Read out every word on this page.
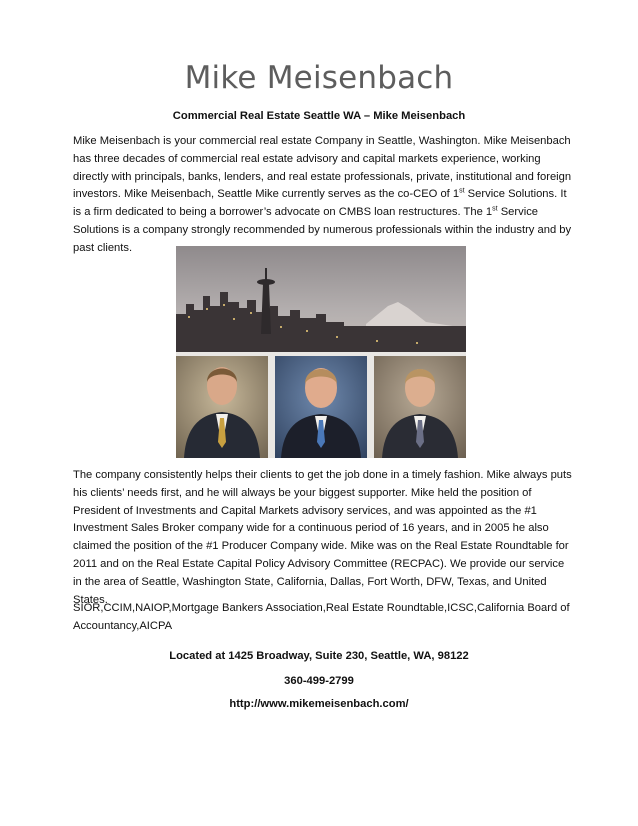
Mike Meisenbach
Commercial Real Estate Seattle WA – Mike Meisenbach
Mike Meisenbach is your commercial real estate Company in Seattle, Washington. Mike Meisenbach has three decades of commercial real estate advisory and capital markets experience, working directly with principals, banks, lenders, and real estate professionals, private, institutional and foreign investors. Mike Meisenbach, Seattle Mike currently serves as the co-CEO of 1st Service Solutions. It is a firm dedicated to being a borrower’s advocate on CMBS loan restructures. The 1st Service Solutions is a company strongly recommended by numerous professionals within the industry and by past clients.
The company consistently helps their clients to get the job done in a timely fashion. Mike always puts his clients’ needs first, and he will always be your biggest supporter. Mike held the position of President of Investments and Capital Markets advisory services, and was appointed as the #1 Investment Sales Broker company wide for a continuous period of 16 years, and in 2005 he also claimed the position of the #1 Producer Company wide. Mike was on the Real Estate Roundtable for 2011 and on the Real Estate Capital Policy Advisory Committee (RECPAC). We provide our service in the area of Seattle, Washington State, California, Dallas, Fort Worth, DFW, Texas, and United States.
SIOR,CCIM,NAIOP,Mortgage Bankers Association,Real Estate Roundtable,ICSC,California Board of Accountancy,AICPA
Located at 1425 Broadway, Suite 230, Seattle, WA, 98122
360-499-2799
http://www.mikemeisenbach.com/
